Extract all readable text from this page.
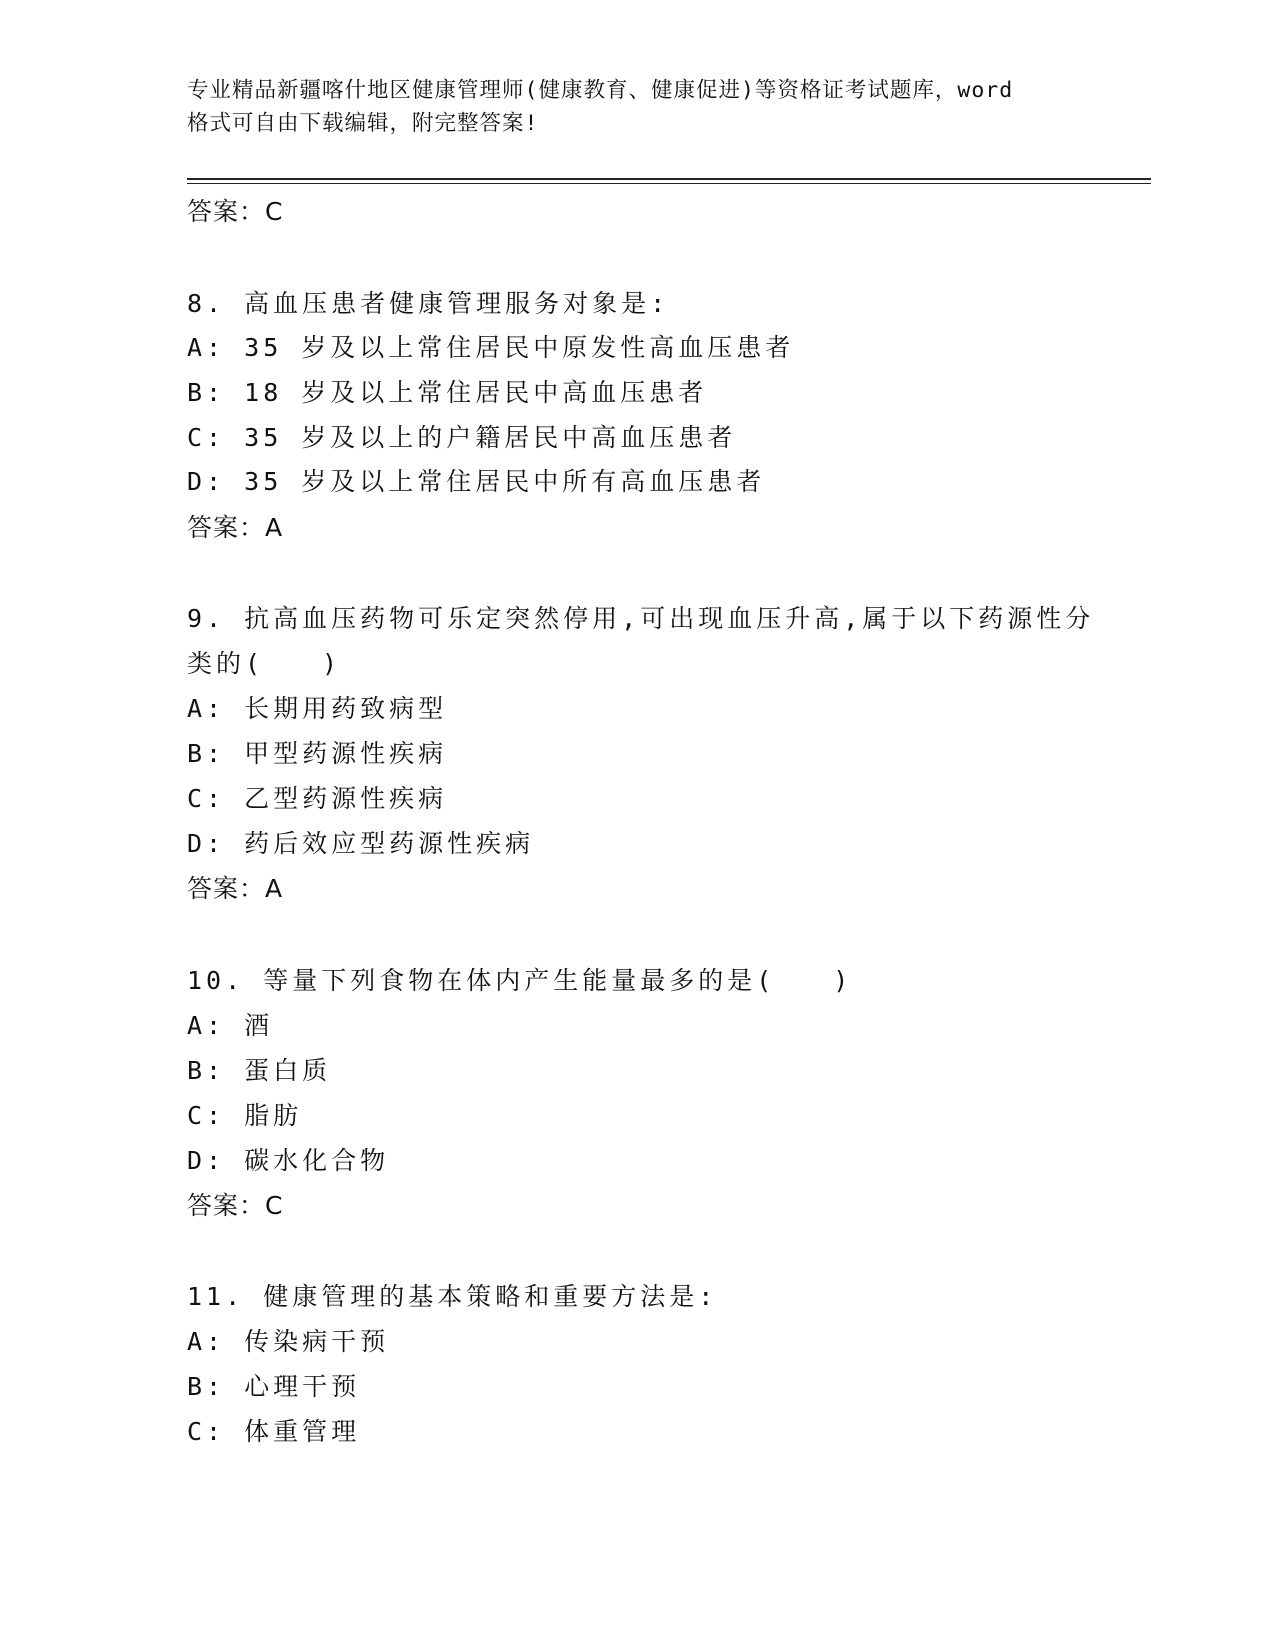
专业精品新疆喀什地区健康管理师(健康教育、健康促进)等资格证考试题库，word
格式可自由下载编辑，附完整答案!
答案：C
8. 高血压患者健康管理服务对象是:
A: 35 岁及以上常住居民中原发性高血压患者
B: 18 岁及以上常住居民中高血压患者
C: 35 岁及以上的户籍居民中高血压患者
D: 35 岁及以上常住居民中所有高血压患者
答案：A
9. 抗高血压药物可乐定突然停用,可出现血压升高,属于以下药源性分
类的(　　)
A: 长期用药致病型
B: 甲型药源性疾病
C: 乙型药源性疾病
D: 药后效应型药源性疾病
答案：A
10. 等量下列食物在体内产生能量最多的是(　　)
A: 酒
B: 蛋白质
C: 脂肪
D: 碳水化合物
答案：C
11. 健康管理的基本策略和重要方法是:
A: 传染病干预
B: 心理干预
C: 体重管理
